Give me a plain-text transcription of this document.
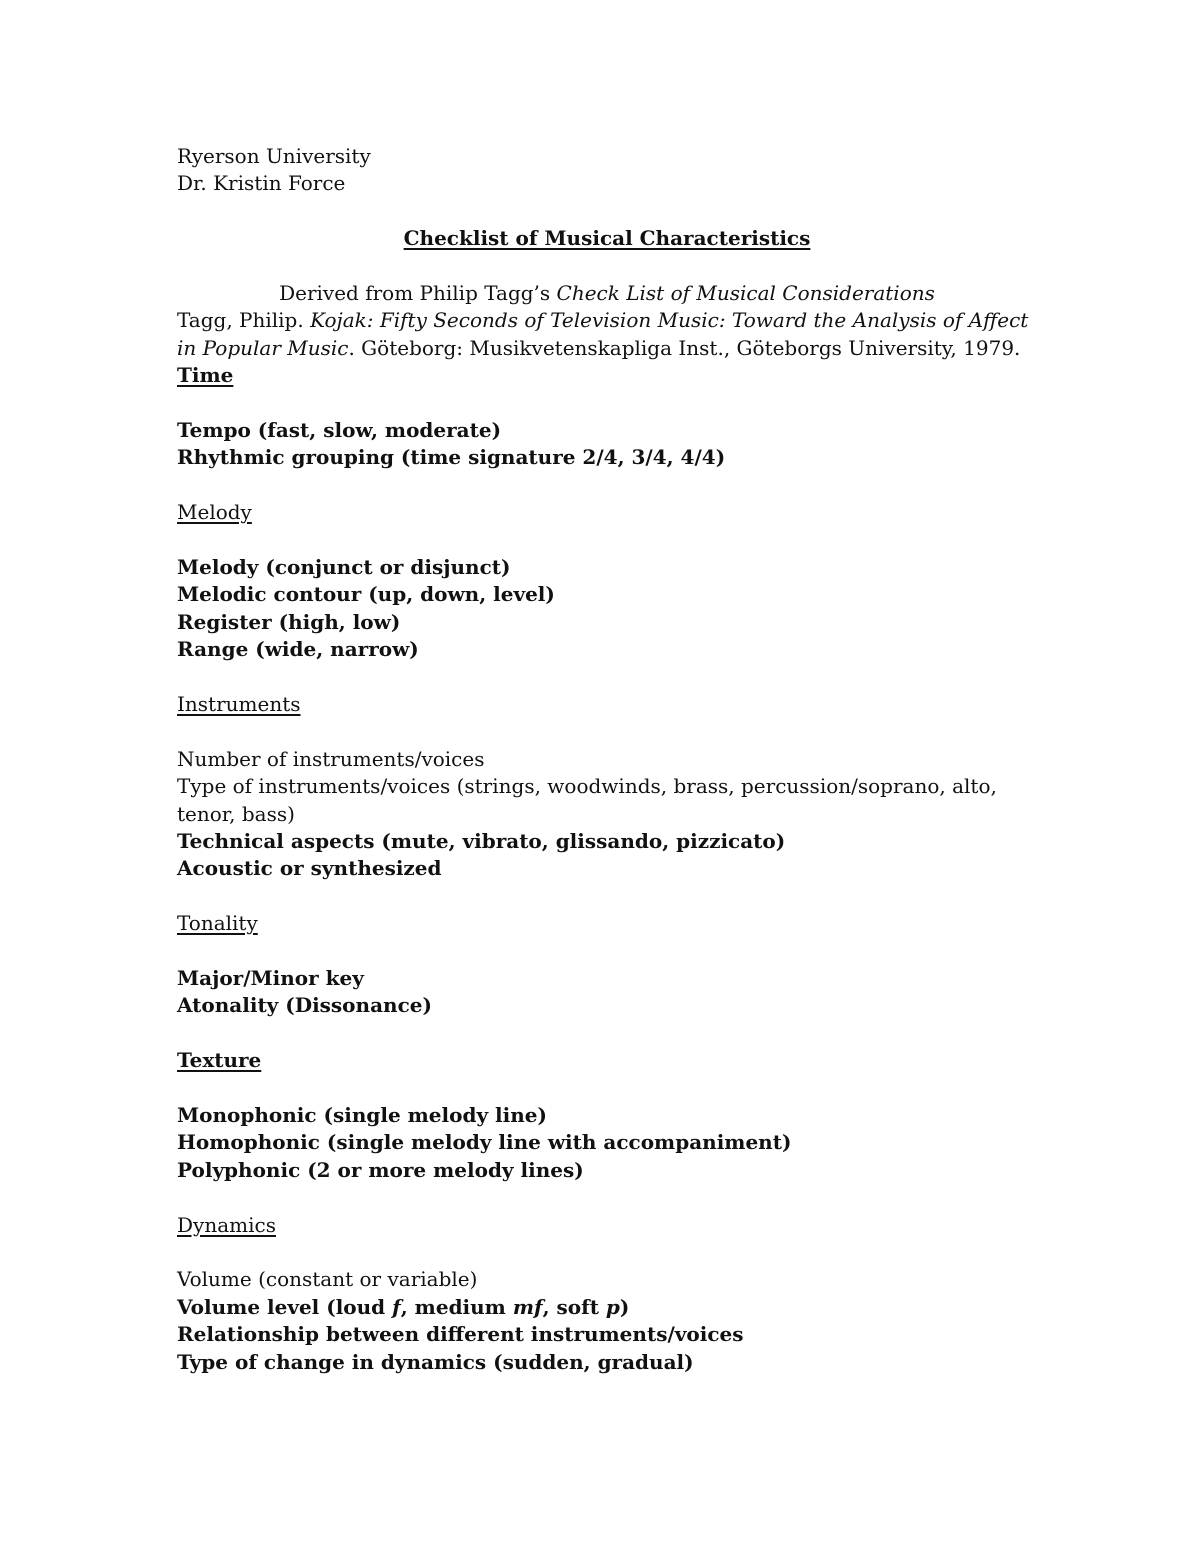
Ryerson University
Dr. Kristin Force
Checklist of Musical Characteristics
Derived from Philip Tagg’s Check List of Musical Considerations
Tagg, Philip. Kojak: Fifty Seconds of Television Music: Toward the Analysis of Affect in Popular Music. Göteborg: Musikvetenskapliga Inst., Göteborgs University, 1979.
Time
Tempo (fast, slow, moderate)
Rhythmic grouping (time signature 2/4, 3/4, 4/4)
Melody
Melody (conjunct or disjunct)
Melodic contour (up, down, level)
Register (high, low)
Range (wide, narrow)
Instruments
Number of instruments/voices
Type of instruments/voices (strings, woodwinds, brass, percussion/soprano, alto, tenor, bass)
Technical aspects (mute, vibrato, glissando, pizzicato)
Acoustic or synthesized
Tonality
Major/Minor key
Atonality (Dissonance)
Texture
Monophonic (single melody line)
Homophonic (single melody line with accompaniment)
Polyphonic (2 or more melody lines)
Dynamics
Volume (constant or variable)
Volume level (loud f, medium mf, soft p)
Relationship between different instruments/voices
Type of change in dynamics (sudden, gradual)
